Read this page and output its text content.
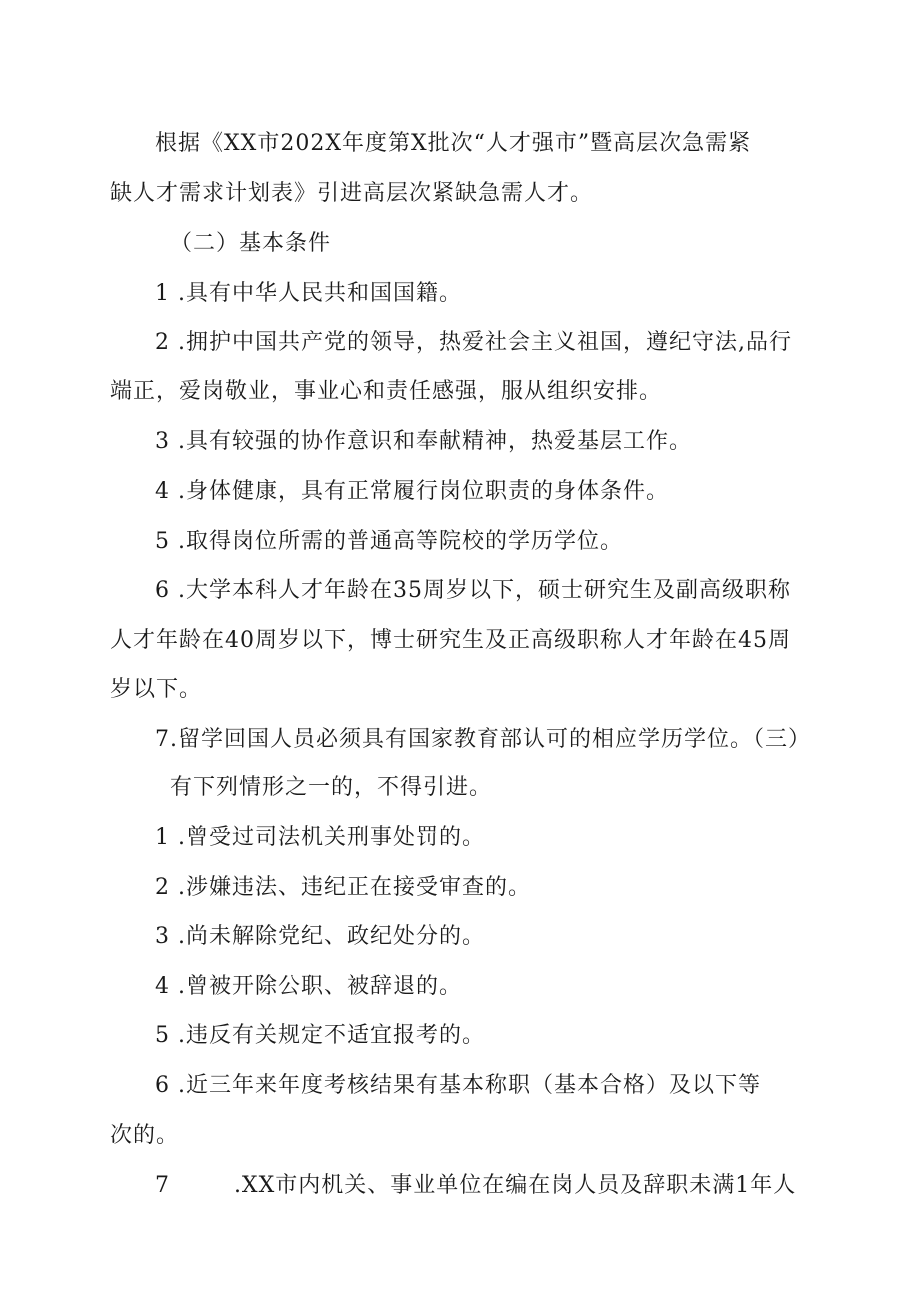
根据《XX市202X年度第X批次“人才强市”暨高层次急需紧
缺人才需求计划表》引进高层次紧缺急需人才。
（二）基本条件
1 .具有中华人民共和国国籍。
2 .拥护中国共产党的领导，热爱社会主义祖国，遵纪守法,品行
端正，爱岗敬业，事业心和责任感强，服从组织安排。
3 .具有较强的协作意识和奉献精神，热爱基层工作。
4 .身体健康，具有正常履行岗位职责的身体条件。
5 .取得岗位所需的普通高等院校的学历学位。
6 .大学本科人才年龄在35周岁以下，硕士研究生及副高级职称
人才年龄在40周岁以下，博士研究生及正高级职称人才年龄在45周
岁以下。
7.留学回国人员必须具有国家教育部认可的相应学历学位。（三）
有下列情形之一的，不得引进。
1 .曾受过司法机关刑事处罚的。
2 .涉嫌违法、违纪正在接受审查的。
3 .尚未解除党纪、政纪处分的。
4 .曾被开除公职、被辞退的。
5 .违反有关规定不适宜报考的。
6 .近三年来年度考核结果有基本称职（基本合格）及以下等
次的。
7        .XX市内机关、事业单位在编在岗人员及辞职未满1年人
